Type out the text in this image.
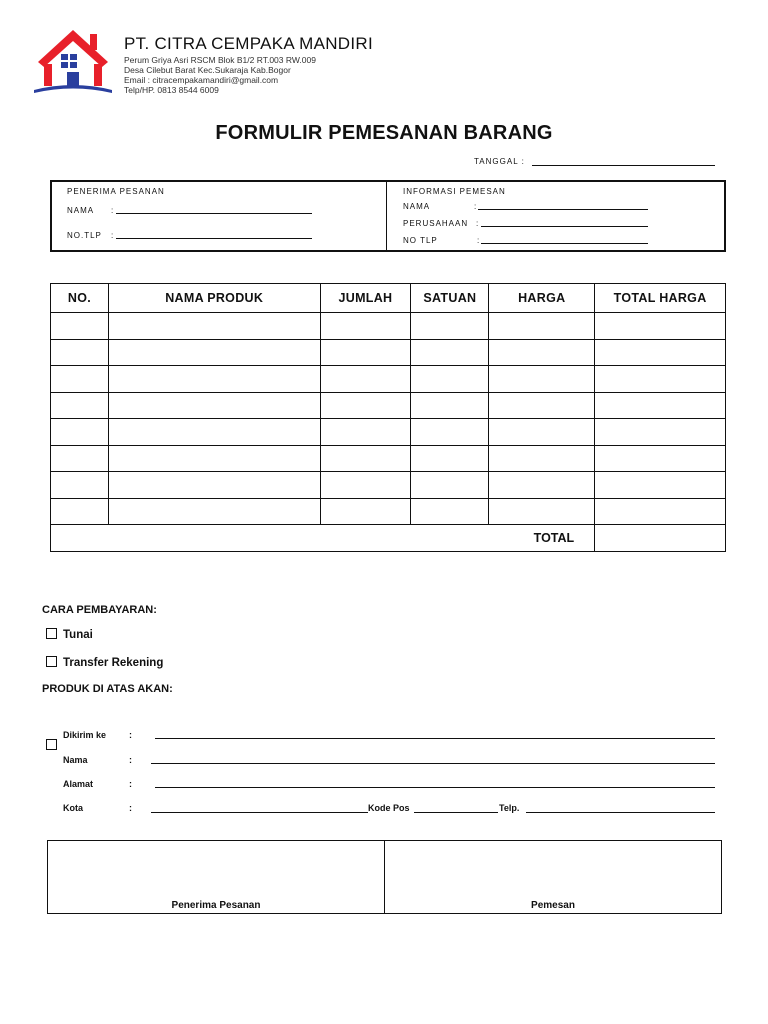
PT. CITRA CEMPAKA MANDIRI
Perum Griya Asri RSCM Blok B1/2 RT.003 RW.009
Desa Cilebut Barat Kec.Sukaraja Kab.Bogor
Email : citracempakamandiri@gmail.com
Telp/HP. 0813 8544 6009
FORMULIR PEMESANAN BARANG
TANGGAL :
PENERIMA PESANAN
NAMA :
NO.TLP :
INFORMASI PEMESAN
NAMA	:
PERUSAHAAN :
NO TLP	:
NO.	NAMA PRODUK	JUMLAH	SATUAN	HARGA	TOTAL HARGA

TOTAL					
CARA PEMBAYARAN:
Tunai
Transfer Rekening
PRODUK DI ATAS AKAN:
Dikirim ke	:
Nama	:
Alamat	:
Kota	:	Kode Pos	Telp.
Penerima Pesanan	Pemesan
